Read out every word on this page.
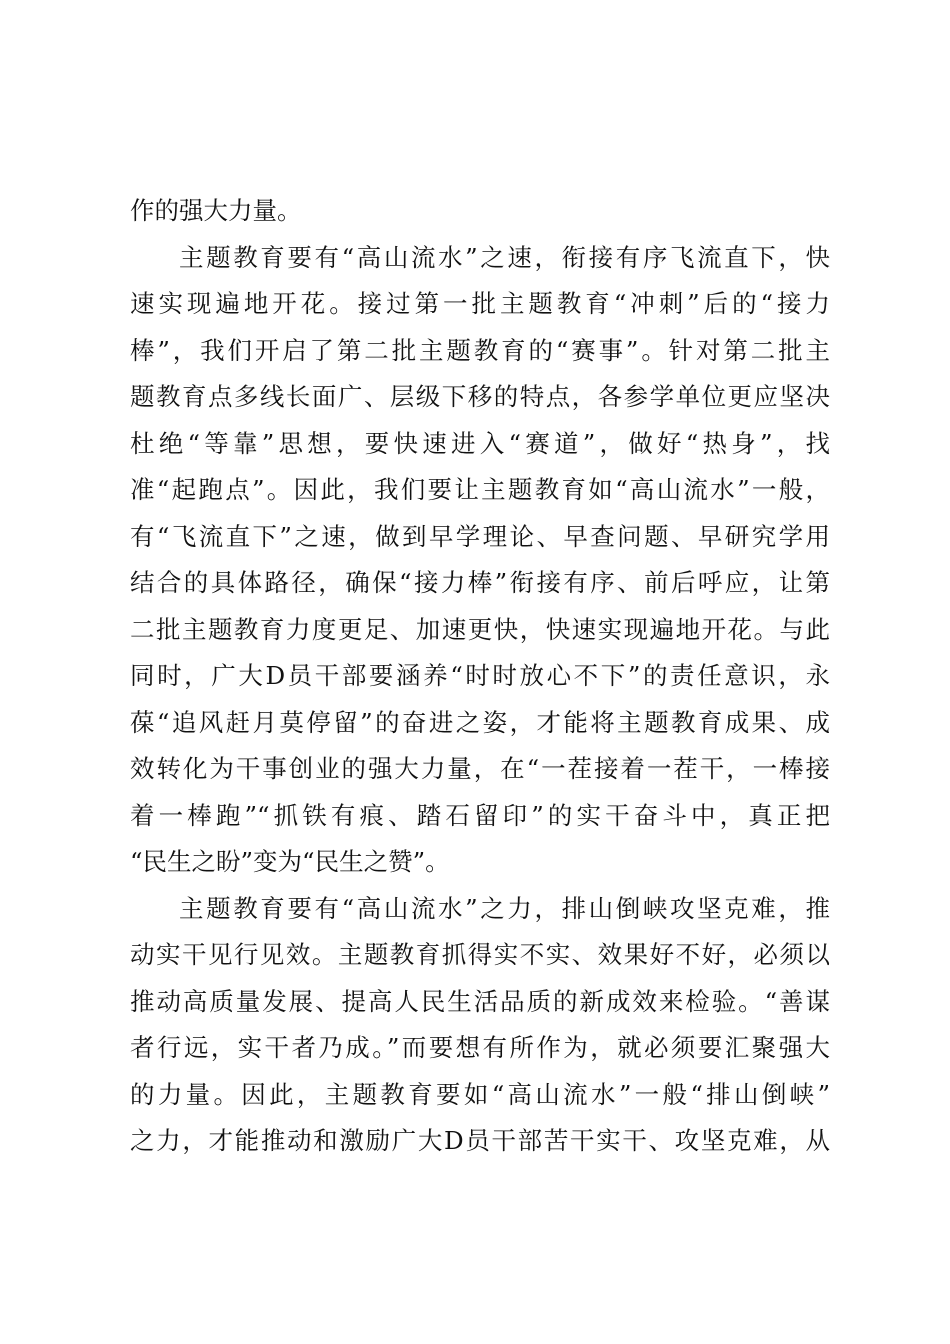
作的强大力量。
主题教育要有“高山流水”之速，衔接有序飞流直下，快
速实现遍地开花。接过第一批主题教育“冲刺”后的“接力
棒”，我们开启了第二批主题教育的“赛事”。针对第二批主
题教育点多线长面广、层级下移的特点，各参学单位更应坚决
杜绝“等靠”思想，要快速进入“赛道”，做好“热身”，找
准“起跑点”。因此，我们要让主题教育如“高山流水”一般，
有“飞流直下”之速，做到早学理论、早查问题、早研究学用
结合的具体路径，确保“接力棒”衔接有序、前后呼应，让第
二批主题教育力度更足、加速更快，快速实现遍地开花。与此
同时，广大D员干部要涵养“时时放心不下”的责任意识，永
葆“追风赶月莫停留”的奋进之姿，才能将主题教育成果、成
效转化为干事创业的强大力量，在“一茬接着一茬干，一棒接
着一棒跑”“抓铁有痕、踏石留印”的实干奋斗中，真正把
“民生之盼”变为“民生之赞”。
主题教育要有“高山流水”之力，排山倒峡攻坚克难，推
动实干见行见效。主题教育抓得实不实、效果好不好，必须以
推动高质量发展、提高人民生活品质的新成效来检验。“善谋
者行远，实干者乃成。”而要想有所作为，就必须要汇聚强大
的力量。因此，主题教育要如“高山流水”一般“排山倒峡”
之力，才能推动和激励广大D员干部苦干实干、攻坚克难，从
